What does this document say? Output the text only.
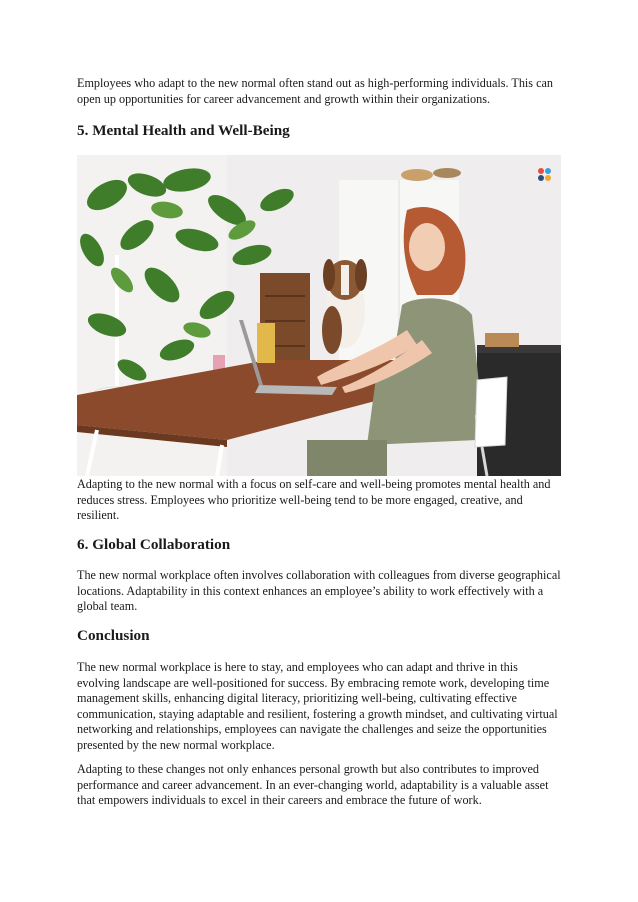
Employees who adapt to the new normal often stand out as high-performing individuals. This can open up opportunities for career advancement and growth within their organizations.

5. Mental Health and Well-Being

Adapting to the new normal with a focus on self-care and well-being promotes mental health and reduces stress. Employees who prioritize well-being tend to be more engaged, creative, and resilient.

6. Global Collaboration

The new normal workplace often involves collaboration with colleagues from diverse geographical locations. Adaptability in this context enhances an employee’s ability to work effectively with a global team.

Conclusion

The new normal workplace is here to stay, and employees who can adapt and thrive in this evolving landscape are well-positioned for success. By embracing remote work, developing time management skills, enhancing digital literacy, prioritizing well-being, cultivating effective communication, staying adaptable and resilient, fostering a growth mindset, and cultivating virtual networking and relationships, employees can navigate the challenges and seize the opportunities presented by the new normal workplace.

Adapting to these changes not only enhances personal growth but also contributes to improved performance and career advancement. In an ever-changing world, adaptability is a valuable asset that empowers individuals to excel in their careers and embrace the future of work.
